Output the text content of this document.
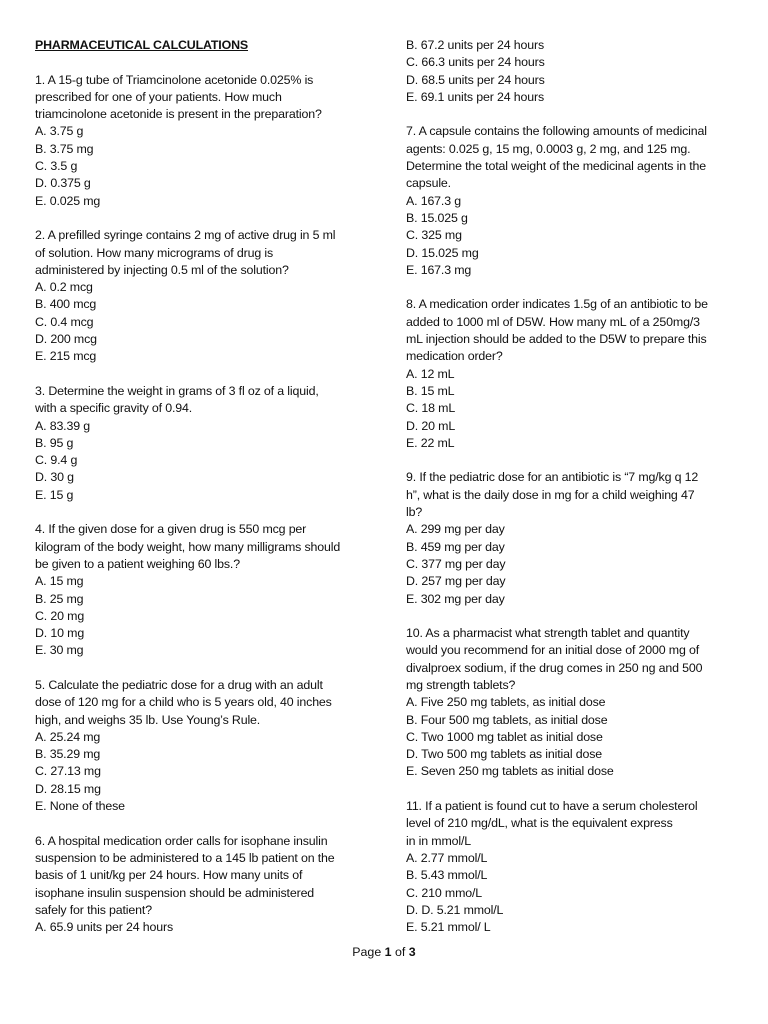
PHARMACEUTICAL CALCULATIONS
1. A 15-g tube of Triamcinolone acetonide 0.025% is
prescribed for one of your patients. How much
triamcinolone acetonide is present in the preparation?
A. 3.75 g
B. 3.75 mg
C. 3.5 g
D. 0.375 g
E. 0.025 mg
2. A prefilled syringe contains 2 mg of active drug in 5 ml
of solution. How many micrograms of drug is
administered by injecting 0.5 ml of the solution?
A. 0.2 mcg
B. 400 mcg
C. 0.4 mcg
D. 200 mcg
E. 215 mcg
3. Determine the weight in grams of 3 fl oz of a liquid,
with a specific gravity of 0.94.
A. 83.39 g
B. 95 g
C. 9.4 g
D. 30 g
E. 15 g
4. If the given dose for a given drug is 550 mcg per
kilogram of the body weight, how many milligrams should
be given to a patient weighing 60 lbs.?
A. 15 mg
B. 25 mg
C. 20 mg
D. 10 mg
E. 30 mg
5. Calculate the pediatric dose for a drug with an adult
dose of 120 mg for a child who is 5 years old, 40 inches
high, and weighs 35 lb. Use Young’s Rule.
A. 25.24 mg
B. 35.29 mg
C. 27.13 mg
D. 28.15 mg
E. None of these
6. A hospital medication order calls for isophane insulin
suspension to be administered to a 145 lb patient on the
basis of 1 unit/kg per 24 hours. How many units of
isophane insulin suspension should be administered
safely for this patient?
A. 65.9 units per 24 hours
B. 67.2 units per 24 hours
C. 66.3 units per 24 hours
D. 68.5 units per 24 hours
E. 69.1 units per 24 hours
7. A capsule contains the following amounts of medicinal
agents: 0.025 g, 15 mg, 0.0003 g, 2 mg, and 125 mg.
Determine the total weight of the medicinal agents in the
capsule.
A. 167.3 g
B. 15.025 g
C. 325 mg
D. 15.025 mg
E. 167.3 mg
8. A medication order indicates 1.5g of an antibiotic to be
added to 1000 ml of D5W. How many mL of a 250mg/3
mL injection should be added to the D5W to prepare this
medication order?
A. 12 mL
B. 15 mL
C. 18 mL
D. 20 mL
E. 22 mL
9. If the pediatric dose for an antibiotic is “7 mg/kg q 12
h”, what is the daily dose in mg for a child weighing 47
lb?
A. 299 mg per day
B. 459 mg per day
C. 377 mg per day
D. 257 mg per day
E. 302 mg per day
10. As a pharmacist what strength tablet and quantity
would you recommend for an initial dose of 2000 mg of
divalproex sodium, if the drug comes in 250 ng and 500
mg strength tablets?
A. Five 250 mg tablets, as initial dose
B. Four 500 mg tablets, as initial dose
C. Two 1000 mg tablet as initial dose
D. Two 500 mg tablets as initial dose
E. Seven 250 mg tablets as initial dose
11. If a patient is found cut to have a serum cholesterol
level of 210 mg/dL, what is the equivalent express
in in mmol/L
A. 2.77 mmol/L
B. 5.43 mmol/L
C. 210 mmo/L
D. D. 5.21 mmol/L
E. 5.21 mmol/ L
Page 1 of 3
